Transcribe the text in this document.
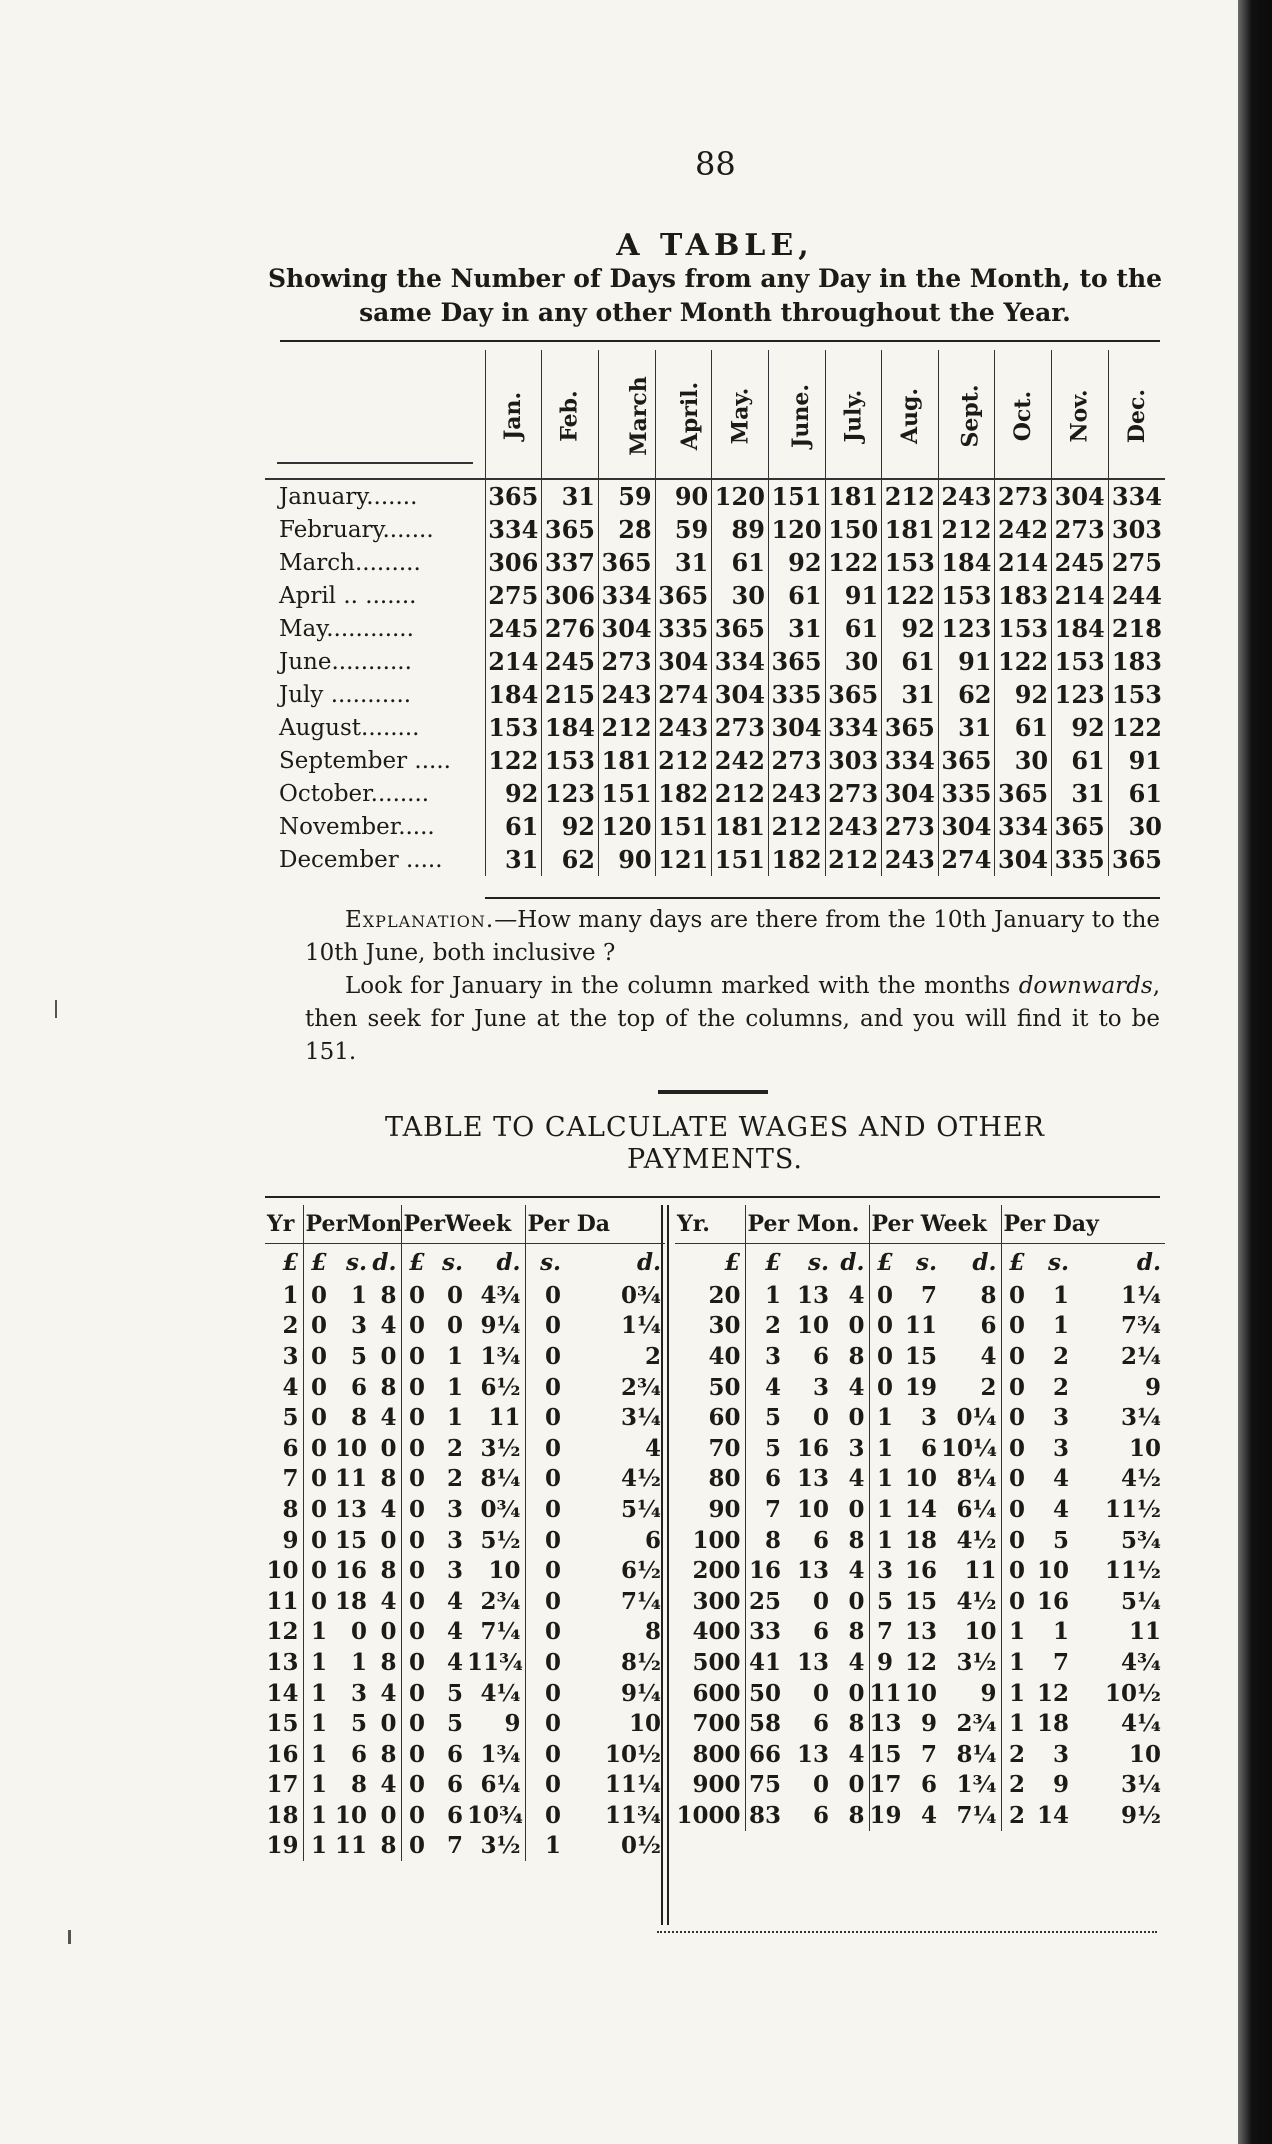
88
A TABLE,
Showing the Number of Days from any Day in the Month, to the same Day in any other Month throughout the Year.
	Jan.	Feb.	March	April.	May.	June.	July.	Aug.	Sept.	Oct.	Nov.	Dec.
January.......	365	31	59	90	120	151	181	212	243	273	304	334
February.......	334	365	28	59	89	120	150	181	212	242	273	303
March.........	306	337	365	31	61	92	122	153	184	214	245	275
April .. .......	275	306	334	365	30	61	91	122	153	183	214	244
May............	245	276	304	335	365	31	61	92	123	153	184	218
June...........	214	245	273	304	334	365	30	61	91	122	153	183
July ...........	184	215	243	274	304	335	365	31	62	92	123	153
August........	153	184	212	243	273	304	334	365	31	61	92	122
September .....	122	153	181	212	242	273	303	334	365	30	61	91
October........	92	123	151	182	212	243	273	304	335	365	31	61
November.....	61	92	120	151	181	212	243	273	304	334	365	30
December .....	31	62	90	121	151	182	212	243	274	304	335	365

Explanation.—How many days are there from the 10th January to the 10th June, both inclusive ?

Look for January in the column marked with the months downwards, then seek for June at the top of the columns, and you will find it to be 151.

TABLE TO CALCULATE WAGES AND OTHER
PAYMENTS.
Yr	PerMon			PerWeek			Per Da	
£	£	s.	d.	£	s.	d.	s.	d.
1	0	1	8	0	0	4¾	0	0¾
2	0	3	4	0	0	9¼	0	1¼
3	0	5	0	0	1	1¾	0	2
4	0	6	8	0	1	6½	0	2¾
5	0	8	4	0	1	11	0	3¼
6	0	10	0	0	2	3½	0	4
7	0	11	8	0	2	8¼	0	4½
8	0	13	4	0	3	0¾	0	5¼
9	0	15	0	0	3	5½	0	6
10	0	16	8	0	3	10	0	6½
11	0	18	4	0	4	2¾	0	7¼
12	1	0	0	0	4	7¼	0	8
13	1	1	8	0	4	11¾	0	8½
14	1	3	4	0	5	4¼	0	9¼
15	1	5	0	0	5	9	0	10
16	1	6	8	0	6	1¾	0	10½
17	1	8	4	0	6	6¼	0	11¼
18	1	10	0	0	6	10¾	0	11¾
19	1	11	8	0	7	3½	1	0½
Yr.	Per Mon.			Per Week			Per Day		
£	£	s.	d.	£	s.	d.	£	s.	d.
20	1	13	4	0	7	8	0	1	1¼
30	2	10	0	0	11	6	0	1	7¾
40	3	6	8	0	15	4	0	2	2¼
50	4	3	4	0	19	2	0	2	9
60	5	0	0	1	3	0¼	0	3	3¼
70	5	16	3	1	6	10¼	0	3	10
80	6	13	4	1	10	8¼	0	4	4½
90	7	10	0	1	14	6¼	0	4	11½
100	8	6	8	1	18	4½	0	5	5¾
200	16	13	4	3	16	11	0	10	11½
300	25	0	0	5	15	4½	0	16	5¼
400	33	6	8	7	13	10	1	1	11
500	41	13	4	9	12	3½	1	7	4¾
600	50	0	0	11	10	9	1	12	10½
700	58	6	8	13	9	2¾	1	18	4¼
800	66	13	4	15	7	8¼	2	3	10
900	75	0	0	17	6	1¾	2	9	3¼
1000	83	6	8	19	4	7¼	2	14	9½
